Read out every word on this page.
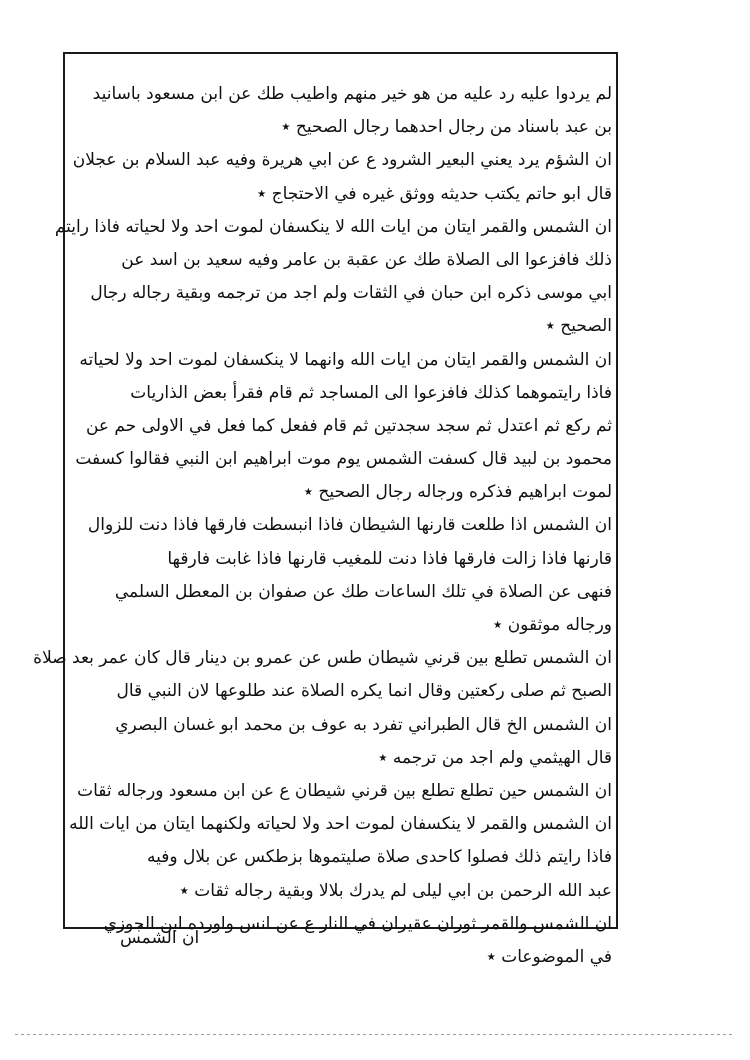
لم يردوا عليه رد عليه من هو خير منهم واطيب طك عن ابن مسعود باسانيد

بن عبد باسناد من رجال احدهما رجال الصحيح ٭

ان الشؤم يرد يعني البعير الشرود ع عن ابي هريرة وفيه عبد السلام بن عجلان

قال ابو حاتم يكتب حديثه ووثق غيره في الاحتجاج ٭

ان الشمس والقمر ايتان من ايات الله لا ينكسفان لموت احد ولا لحياته فاذا رايتم

ذلك فافزعوا الى الصلاة طك عن عقبة بن عامر وفيه سعيد بن اسد عن

ابي موسى ذكره ابن حبان في الثقات ولم اجد من ترجمه وبقية رجاله رجال

الصحيح ٭

ان الشمس والقمر ايتان من ايات الله وانهما لا ينكسفان لموت احد ولا لحياته

فاذا رايتموهما كذلك فافزعوا الى المساجد ثم قام فقرأ بعض الذاريات

ثم ركع ثم اعتدل ثم سجد سجدتين ثم قام ففعل كما فعل في الاولى حم عن

محمود بن لبيد قال كسفت الشمس يوم موت ابراهيم ابن النبي فقالوا كسفت

لموت ابراهيم فذكره ورجاله رجال الصحيح ٭

ان الشمس اذا طلعت قارنها الشيطان فاذا انبسطت فارقها فاذا دنت للزوال

قارنها فاذا زالت فارقها فاذا دنت للمغيب قارنها فاذا غابت فارقها

فنهى عن الصلاة في تلك الساعات طك عن صفوان بن المعطل السلمي

ورجاله موثقون ٭

ان الشمس تطلع بين قرني شيطان طس عن عمرو بن دينار قال كان عمر بعد صلاة

الصبح ثم صلى ركعتين وقال انما يكره الصلاة عند طلوعها لان النبي قال

ان الشمس الخ قال الطبراني تفرد به عوف بن محمد ابو غسان البصري

قال الهيثمي ولم اجد من ترجمه ٭

ان الشمس حين تطلع تطلع بين قرني شيطان ع عن ابن مسعود ورجاله ثقات

ان الشمس والقمر لا ينكسفان لموت احد ولا لحياته ولكنهما ايتان من ايات الله

فاذا رايتم ذلك فصلوا كاحدى صلاة صليتموها بزطكس عن بلال وفيه

عبد الله الرحمن بن ابي ليلى لم يدرك بلالا وبقية رجاله ثقات ٭

ان الشمس والقمر ثوران عقيران في النار ع عن انس واورده ابن الجوزي

في الموضوعات ٭

ان الشمس
